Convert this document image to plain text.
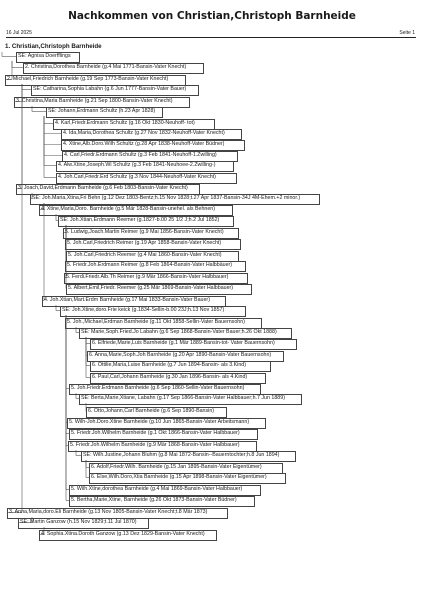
Nachkommen von Christian,Christoph Barnheide
16 Jul 2025	Seite 1
1. Christian,Christoph Barnheide
SE: Agnisa Doerfflings
2. Christina,Dorothea Barnheide (g.4 Mai 1771-Bansin-Vater Knecht)
2. Michael,Friedrich Barnheide (g.19 Sep 1773-Bansin-Vater Knecht)
SE: Catharina,Sophia Labahn (g.6 Jun 1777-Bansin-Vater Bauer)
3. Christina,Maria Barnheide (g.21 Sep 1800-Bansin-Vater Knecht)
SE: Johann,Erdmann Schultz (h.23 Apr 1828)
4. Karl,Friedr.Erdmann Schultz (g.16 Okt 1830-Neuhoff- tot)
4. Ida,Maria,Dorothea Schultz (g.27 Nov 1832-Neuhoff-Vater Knecht)
4. Xtine,Alb.Doro.Wilh Schultz (g.28 Apr 1838-Neuhoff-Vater Büdner)
4. Carl,Friedr.Erdmann Schultz (g.3 Feb 1841-Neuhoff-1.Zwilling)
4. Alw.Xtine,Joseph.Wi Schultz (g.3 Feb 1841-Neuhoee-2.Zwilling-)
4. Joh.Carl,Friedr.Erd Schultz (g.3 Nov 1844-Neuhoff-Vater Knecht)
3. Joach,David,Erdmann Barnheide (g.6 Feb 1803-Bansin-Vater Knecht)
SE: Joh.Maria,Xtina,Fri Behn (g.12 Dez 1803-Bentz;h.15 Nov 1828;t.27 Apr 1837-Bansin-34J 4M-Ehem.+2 minor.)
4. Xtine,Maria,Doro. Barnheide (g.5 Mär 1828-Bansin-unehel. als Behnen)
SE: Joh.Xtian,Erdmann Reemer (g.1827-b.00 25 1/2 J;h.2 Jul 1852)
5. Ludwig,Joach.Martin Reimer (g.9 Mai 1856-Bansin-Vater Knecht)
5. Joh.Carl,Friedrich Reimer (g.19 Apr 1858-Bansin-Vater Knecht)
5. Joh.Carl,Friedrich Reemer (g.4 Mai 1860-Bansin-Vater Knecht)
5. Friedr.Joh.Erdmann Reimer (g.8 Feb 1864-Bansin-Vater Halbbäuer)
5. Ferdi.Friedr.Alb.Th Reimer (g.9 Mär 1866-Bansin-Vater Halbbauer)
5. Albert,Emil,Friedr. Reemer (g.25 Mär 1869-Bansin-Vater Halbbauer)
4. Joh.Xtian,Mart.Erdm Barnheide (g.17 Mai 1833-Bansin-Vater Bauer)
SE: Joh.Xtine,doro.Frie keick (g.1834-Sellin-b.00 23J;h.13 Nov 1857)
5. Joh.,Michael,Erdman Barnheide (g.11 Okt 1858-Sellin-Vater Bauernsohn)
SE: Marie,Soph.Fried.Jo Labahn (g.6 Sep 1868-Bansin-Vater Bauer;h.26 Okt 1888)
6. Elfriede,Marie,Luis Barnheide (g.1 Mär 1889-Bansin-tot- Vater Bauernsohn)
6. Anna,Marie,Soph.Joh Barnheide (g.20 Apr 1890-Bansin-Vater Bauernsohn)
6. Ottilie,Maria,Luise Barnheide (g.7 Jun 1894-Bansin- als 3.Kind)
6. Paul,Carl,Johann Barnheide (g.30 Jan 1896-Bansin- als 4.Kind)
5. Joh.Friedr.Erdmann Barnheide (g.6 Sep 1860-Sellin-Vater Bauernsohn)
SE: Berta,Marie,Xtiane, Labahn (g.17 Sep 1866-Bansin-Vater Halbbauer;h.7 Jun 1889)
6. Otto,Johann,Carl Barnheide (g.6 Sep 1890-Bansin)
5. Wilh-Joh.Doro.Xtine Barnheide (g.10 Jun 1865-Bansin-Vater Arbeitsmann)
5. Friedr.Joh.Wilhelm Barnheide (g.1 Okt 1866-Bansin-Vater Halbbauer)
5. Friedr.Joh.Wilhelm Barnheide (g.9 Mär 1868-Bansin-Vater Halbbauer)
SE: Wilh.Justine,Johann Bluhm (g.8 Mai 1872-Bansin--Bauerntochter;h.8 Jun 1894)
6. Adolf,Friedr.Wilh. Barnheide (g.15 Jan 1895-Bansin-Vater Eigentümer)
6. Else,Wilh.Doro,Xtia Barnheide (g.15 Apr 1898-Bansin-Vater Eigentümer)
5. Wilh.Xtine,dorothea Barnheide (g.4 Mai 1869-Bansin-Vater Halbbauer)
5. Bertha,Marie,Xtine, Barnheide (g.26 Okt 1873-Bansin-Vater Büdner)
3. Anna,Maria,doro.Eli Barnheide (g.13 Nov 1805-Bansin-Vater Knecht;t.8 Mär 1873)
SE: Martin Ganzow (h.15 Nov 1829;t.11 Jul 1870)
4. Sophia.Xtina.Doroth Ganzow (g.13 Dez 1829-Bansin-Vater Knecht)
